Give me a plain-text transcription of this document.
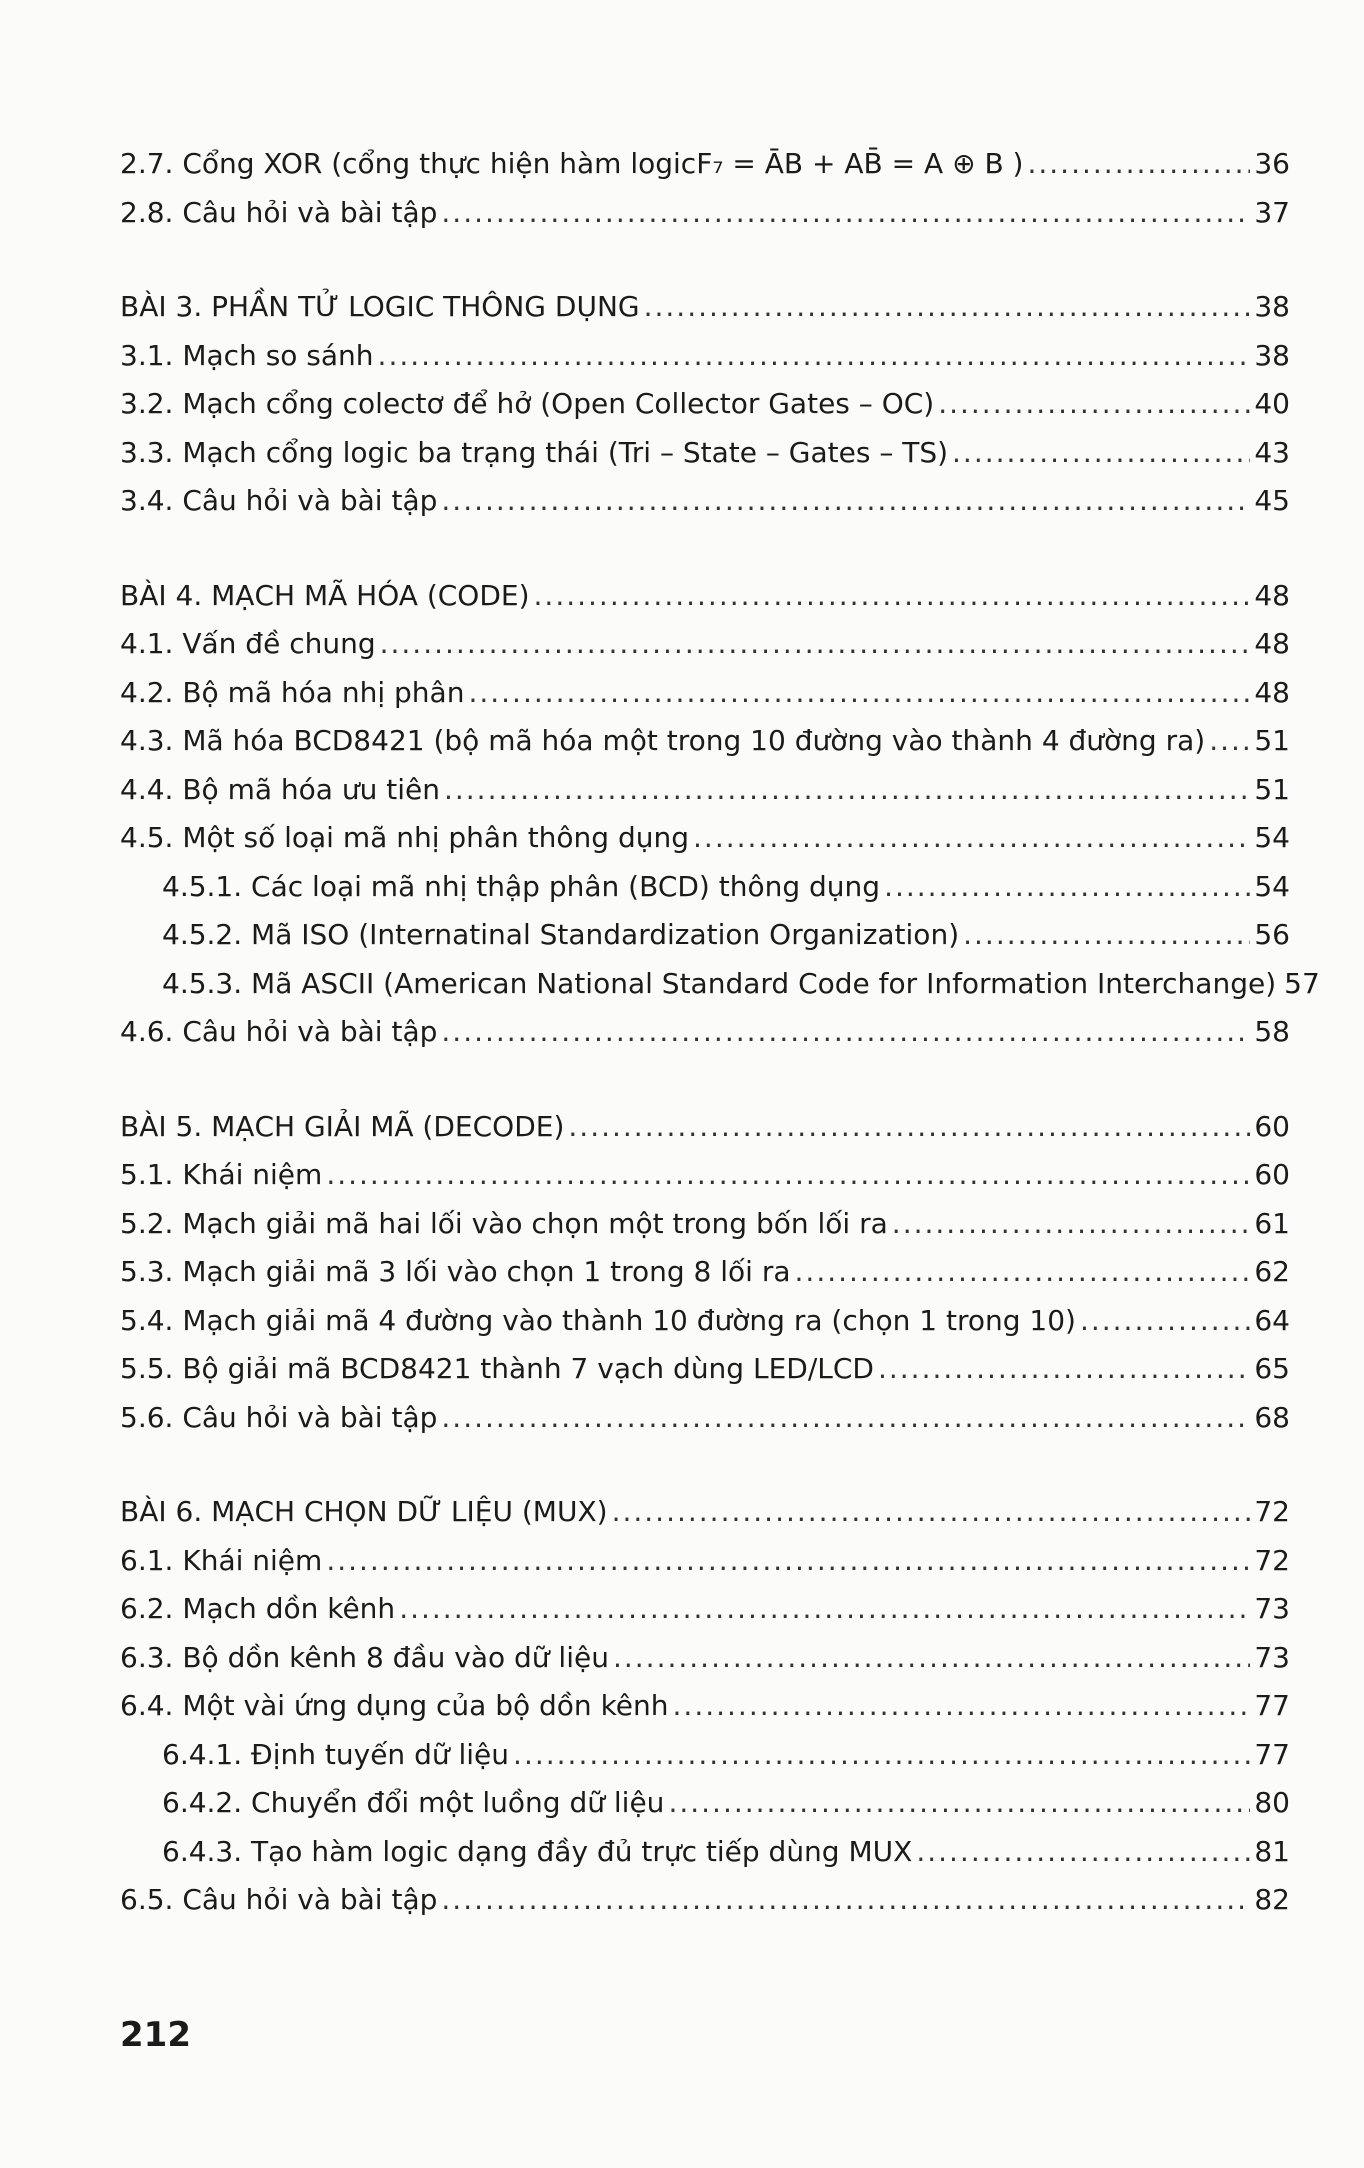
2.7. Cổng XOR (cổng thực hiện hàm logic F₇ = ĀB + AB̄ = A ⊕ B ) .....	36
2.8. Câu hỏi và bài tập .....	37
BÀI 3. PHẦN TỬ LOGIC THÔNG DỤNG .....	38
3.1. Mạch so sánh .....	38
3.2. Mạch cổng colectơ để hở (Open Collector Gates – OC) .....	40
3.3. Mạch cổng logic ba trạng thái (Tri – State – Gates – TS) .....	43
3.4. Câu hỏi và bài tập .....	45
BÀI 4. MẠCH MÃ HÓA (CODE) .....	48
4.1. Vấn đề chung .....	48
4.2. Bộ mã hóa nhị phân .....	48
4.3. Mã hóa BCD8421 (bộ mã hóa một trong 10 đường vào thành 4 đường ra) ..... 51
4.4. Bộ mã hóa ưu tiên .....	51
4.5. Một số loại mã nhị phân thông dụng .....	54
4.5.1. Các loại mã nhị thập phân (BCD) thông dụng .....	54
4.5.2. Mã ISO (Internatinal Standardization Organization) .....	56
4.5.3. Mã ASCII (American National Standard Code for Information Interchange) 57
4.6. Câu hỏi và bài tập .....	58
BÀI 5. MẠCH GIẢI MÃ (DECODE) .....	60
5.1. Khái niệm .....	60
5.2. Mạch giải mã hai lối vào chọn một trong bốn lối ra .....	61
5.3. Mạch giải mã 3 lối vào chọn 1 trong 8 lối ra .....	62
5.4. Mạch giải mã 4 đường vào thành 10 đường ra (chọn 1 trong 10) .....	64
5.5. Bộ giải mã BCD8421 thành 7 vạch dùng LED/LCD .....	65
5.6. Câu hỏi và bài tập .....	68
BÀI 6. MẠCH CHỌN DỮ LIỆU (MUX) .....	72
6.1. Khái niệm .....	72
6.2. Mạch dồn kênh .....	73
6.3. Bộ dồn kênh 8 đầu vào dữ liệu .....	73
6.4. Một vài ứng dụng của bộ dồn kênh .....	77
6.4.1. Định tuyến dữ liệu .....	77
6.4.2. Chuyển đổi một luồng dữ liệu .....	80
6.4.3. Tạo hàm logic dạng đầy đủ trực tiếp dùng MUX .....	81
6.5. Câu hỏi và bài tập .....	82
212
